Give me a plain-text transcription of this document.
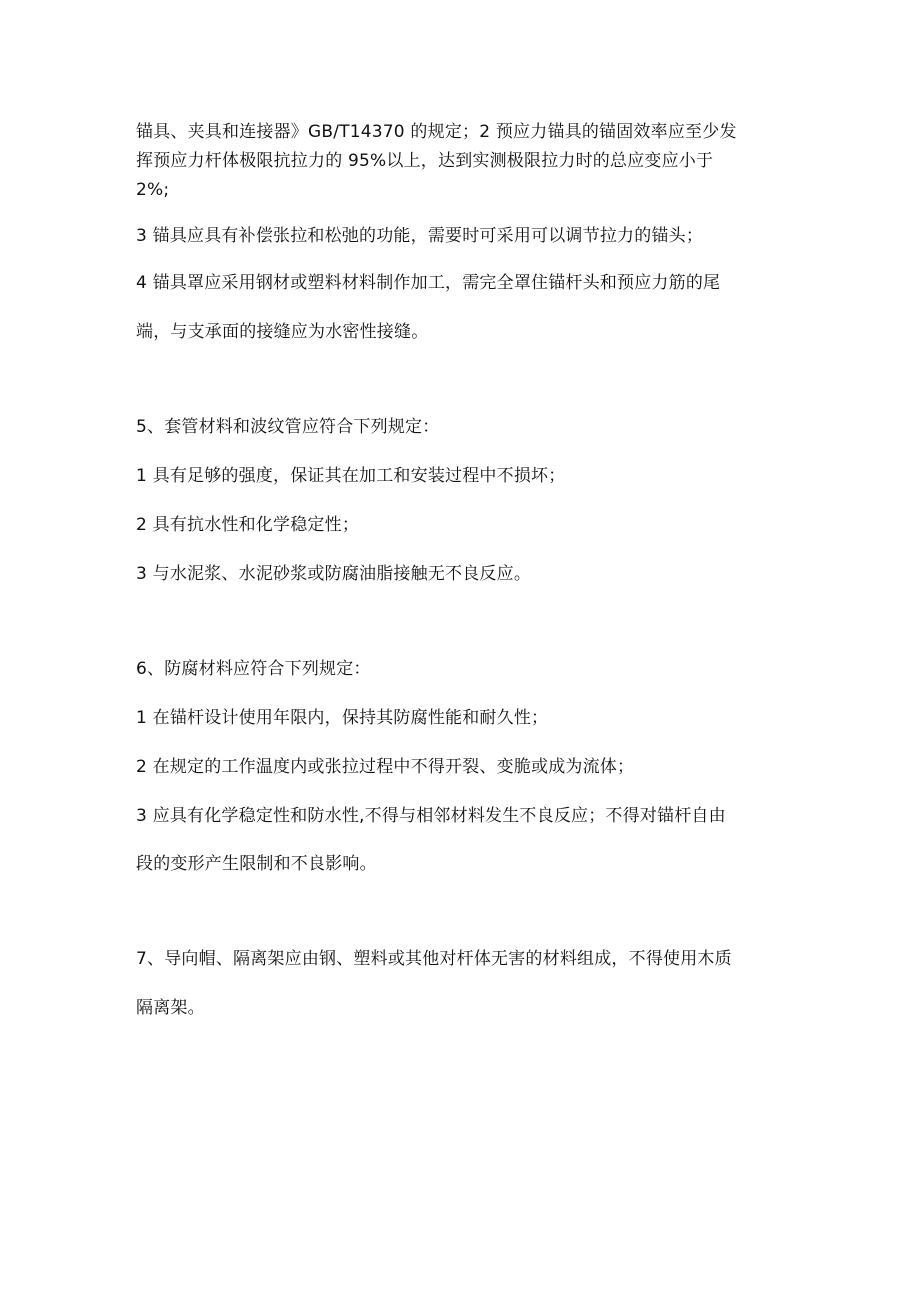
锚具、夹具和连接器》GB/T14370 的规定；2 预应力锚具的锚固效率应至少发
挥预应力杆体极限抗拉力的 95%以上，达到实测极限拉力时的总应变应小于
2%;
3 锚具应具有补偿张拉和松弛的功能，需要时可采用可以调节拉力的锚头；
4 锚具罩应采用钢材或塑料材料制作加工，需完全罩住锚杆头和预应力筋的尾
端，与支承面的接缝应为水密性接缝。
5、套管材料和波纹管应符合下列规定：
1 具有足够的强度，保证其在加工和安装过程中不损坏；
2 具有抗水性和化学稳定性；
3 与水泥浆、水泥砂浆或防腐油脂接触无不良反应。
6、防腐材料应符合下列规定：
1 在锚杆设计使用年限内，保持其防腐性能和耐久性；
2 在规定的工作温度内或张拉过程中不得开裂、变脆或成为流体；
3 应具有化学稳定性和防水性,不得与相邻材料发生不良反应；不得对锚杆自由
段的变形产生限制和不良影响。
7、导向帽、隔离架应由钢、塑料或其他对杆体无害的材料组成，不得使用木质
隔离架。
